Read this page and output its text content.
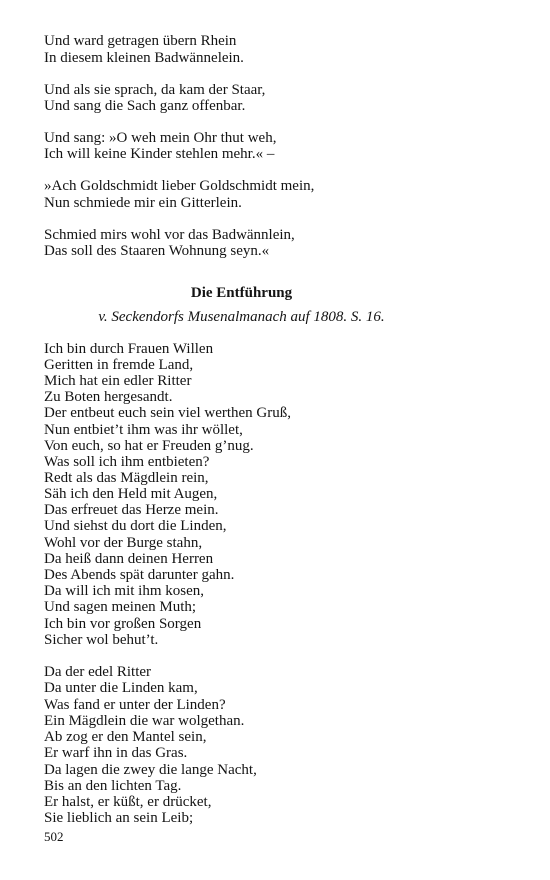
Und ward getragen übern Rhein
In diesem kleinen Badwännelein.
Und als sie sprach, da kam der Staar,
Und sang die Sach ganz offenbar.
Und sang: »O weh mein Ohr thut weh,
Ich will keine Kinder stehlen mehr.« –
»Ach Goldschmidt lieber Goldschmidt mein,
Nun schmiede mir ein Gitterlein.
Schmied mirs wohl vor das Badwännlein,
Das soll des Staaren Wohnung seyn.«
Die Entführung
v. Seckendorfs Musenalmanach auf 1808. S. 16.
Ich bin durch Frauen Willen
Geritten in fremde Land,
Mich hat ein edler Ritter
Zu Boten hergesandt.
Der entbeut euch sein viel werthen Gruß,
Nun entbiet’t ihm was ihr wöllet,
Von euch, so hat er Freuden g’nug.
Was soll ich ihm entbieten?
Redt als das Mägdlein rein,
Säh ich den Held mit Augen,
Das erfreuet das Herze mein.
Und siehst du dort die Linden,
Wohl vor der Burge stahn,
Da heiß dann deinen Herren
Des Abends spät darunter gahn.
Da will ich mit ihm kosen,
Und sagen meinen Muth;
Ich bin vor großen Sorgen
Sicher wol behut’t.
Da der edel Ritter
Da unter die Linden kam,
Was fand er unter der Linden?
Ein Mägdlein die war wolgethan.
Ab zog er den Mantel sein,
Er warf ihn in das Gras.
Da lagen die zwey die lange Nacht,
Bis an den lichten Tag.
Er halst, er küßt, er drücket,
Sie lieblich an sein Leib;
502
